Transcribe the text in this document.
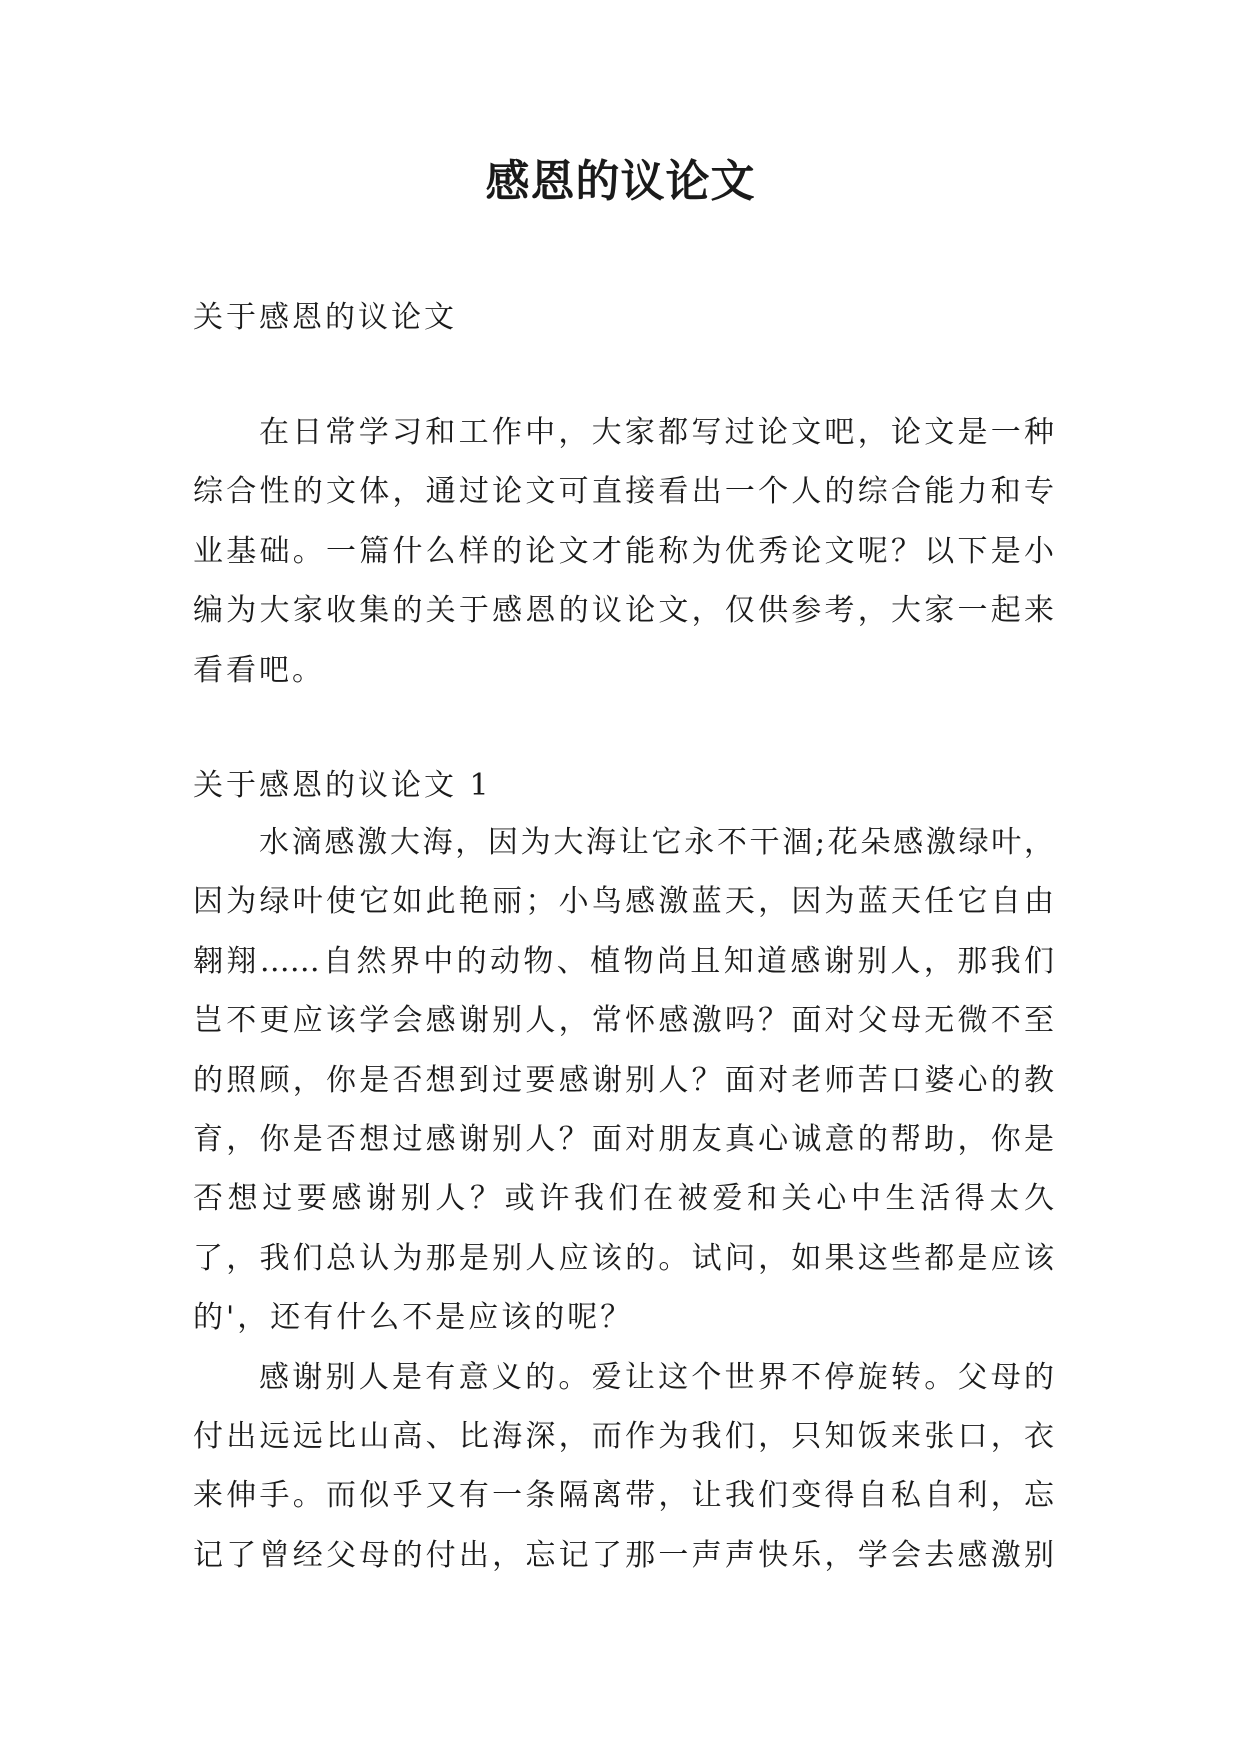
感恩的议论文
关于感恩的议论文
在日常学习和工作中，大家都写过论文吧，论文是一种
综合性的文体，通过论文可直接看出一个人的综合能力和专
业基础。一篇什么样的论文才能称为优秀论文呢？以下是小
编为大家收集的关于感恩的议论文，仅供参考，大家一起来
看看吧。
关于感恩的议论文 1
水滴感激大海，因为大海让它永不干涸;花朵感激绿叶，
因为绿叶使它如此艳丽；小鸟感激蓝天，因为蓝天任它自由
翱翔……自然界中的动物、植物尚且知道感谢别人，那我们
岂不更应该学会感谢别人，常怀感激吗？面对父母无微不至
的照顾，你是否想到过要感谢别人？面对老师苦口婆心的教
育，你是否想过感谢别人？面对朋友真心诚意的帮助，你是
否想过要感谢别人？或许我们在被爱和关心中生活得太久
了，我们总认为那是别人应该的。试问，如果这些都是应该
的'，还有什么不是应该的呢？
感谢别人是有意义的。爱让这个世界不停旋转。父母的
付出远远比山高、比海深，而作为我们，只知饭来张口，衣
来伸手。而似乎又有一条隔离带，让我们变得自私自利，忘
记了曾经父母的付出，忘记了那一声声快乐，学会去感激别
